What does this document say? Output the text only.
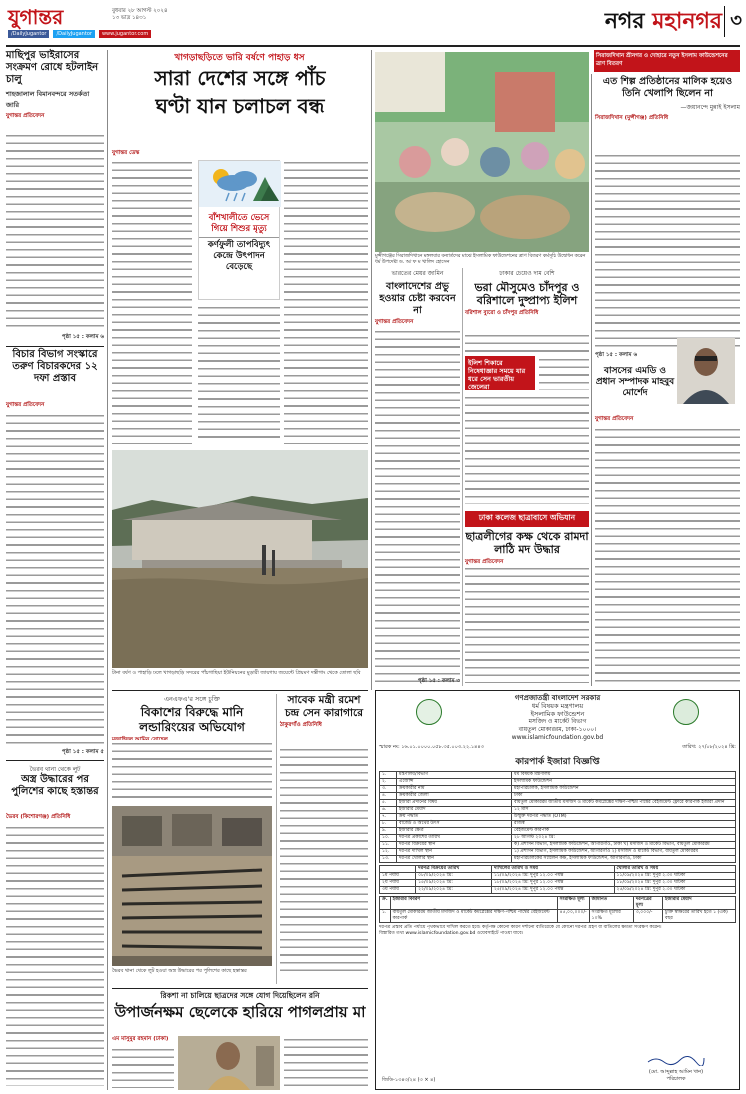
যুগান্তর	বুধবার ২৮ আগস্ট ২০২৪
১৩ ভাদ্র ১৪৩১
/DailyJugantor	/DailyJugantor	www.jugantor.com	নগর মহানগর ৩
মাছিপুর ভাইরাসের সংক্রমণ রোধে হটলাইন চালু
শাহজালাল বিমানবন্দরে সতর্কতা জারি
যুগান্তর প্রতিবেদন
পৃষ্ঠা ১৫ : কলাম ৬
বিচার বিভাগ সংস্কারে তরুণ বিচারকদের ১২ দফা প্রস্তাব
যুগান্তর প্রতিবেদন
পৃষ্ঠা ১৫ : কলাম ৫
ভৈরব থানা থেকে লুট
অস্ত্র উদ্ধারের পর পুলিশের কাছে হস্তান্তর
ভৈরব (কিশোরগঞ্জ) প্রতিনিধি
খাগড়াছড়িতে ভারি বর্ষণে পাহাড় ধস	সিরাজদিখান শ্রীনগর ও দোহারে নতুন ইসলাম ফাউন্ডেশনের ত্রাণ বিতরণ
সারা দেশের সঙ্গে পাঁচ
ঘণ্টা যান চলাচল বন্ধ
যুগান্তর ডেস্ক
বাঁশখালীতে ভেসে গিয়ে শিশুর মৃত্যু
কর্ণফুলী তাপবিদ্যুৎ কেন্দ্রে উৎপাদন বেড়েছে
টানা বর্ষণ ও পাহাড়ি ঢলে খাগড়াছড়ি সদরের পাঁচগাছিয়া ইউনিয়নের মুড়ারী জায়গায় জয়েন্টে প্রিয়মণ দন্তীগাং থেকে তোলা ছবি
মুন্সীগঞ্জের সিরাজদিখানে মঙ্গলবার বন্যার্তদের মাঝে ইসলামিক ফাউন্ডেশনের ত্রাণ বিতরণ কর্মসূচি উদ্বোধন করেন ধর্ম উপদেষ্টা ড. আ ফ ম খালিদ হোসেন
ভারতের মেয়র জামিন
বাংলাদেশের প্রভু হওয়ার চেষ্টা করবেন না
যুগান্তর প্রতিবেদন
পৃষ্ঠা ১৫ : কলাম ৩
ঢাকার চেয়েও দাম বেশি
ভরা মৌসুমেও চাঁদপুর ও বরিশালে দুষ্প্রাপ্য ইলিশ
বরিশাল ব্যুরো ও চাঁদপুর প্রতিনিধি
ইলিশ শিকারে নিষেধাজ্ঞার সময়ে যার ধরে সেন ভারতীয় জেলেরা
ঢাকা কলেজ ছাত্রাবাসে অভিযান
ছাত্রলীগের কক্ষ থেকে রামদা লাঠি মদ উদ্ধার
যুগান্তর প্রতিবেদন
এত শিল্প প্রতিষ্ঠানের মালিক হয়েও তিনি খেলাপি ছিলেন না
—জয়ানন্দে মুন্নাই ইসলাম
সিরাজদিখান (মুন্সীগঞ্জ) প্রতিনিধি
পৃষ্ঠা ১৫ : কলাম ৬
বাসসের এমডি ও প্রধান সম্পাদক মাহবুব মোর্শেদ
যুগান্তর প্রতিবেদন
এনএফএ'র সঙ্গে চুক্তি
বিকাশের বিরুদ্ধে মানি লন্ডারিংয়ের অভিযোগ
ভৈরব থানা থেকে লুট হওয়া অস্ত্র উদ্ধারের পর পুলিশের কাছে হস্তান্তর
সাবেক মন্ত্রী রমেশ চন্দ্র সেন কারাগারে
ঠাকুরগাঁও প্রতিনিধি
রিকশা না চালিয়ে ছাত্রদের সঙ্গে যোগ দিয়েছিলেন রনি
উপার্জনক্ষম ছেলেকে হারিয়ে পাগলপ্রায় মা
এম মাসুমুর রহমান (ঢাকা)
গণপ্রজাতন্ত্রী বাংলাদেশ সরকার
ধর্ম বিষয়ক মন্ত্রণালয়
ইসলামিক ফাউন্ডেশন
মসজিদ ও মার্কেট বিভাগ
বায়তুল মোকাররম, ঢাকা-১০০০।
www.islamicfoundation.gov.bd
স্মারক নং: ১৬.০১.০০০০.০৫৮.৩৫.০০৩.২২.১৪৪৩	তারিখ: ২৭/০৮/২০২৪ খ্রি:
কারপার্ক ইজারা বিজ্ঞপ্তি
১.	মন্ত্রণালয়/বিভাগ	ধর্ম বিষয়ক মন্ত্রণালয়
২.	এজেন্সি	ইসলামিক ফাউন্ডেশন
৩.	ক্রয়কারীর নাম	মহাপরিচালক, ইসলামিক ফাউন্ডেশন
৪.	ক্রয়কারীর জেলা	ঢাকা
৫.	ইজারা প্রদানের বিষয়	বায়তুল মোকাররম জাতীয় মসজিদ ও মার্কেট কমপ্লেক্সের দক্ষিণ-পশ্চিম পার্শ্বের বেইজমেন্ট ফ্লোরে কারপার্ক ইজারা প্রদান
৬.	ইজারার মেয়াদ	১২ মাস
৭.	ক্রয় পদ্ধতি	উন্মুক্ত দরপত্র পদ্ধতি (OTM)
৮.	বাজেট ও অর্থের উৎস	রাজস্ব
৯.	ইজারার ক্ষেত্র	বেইজমেন্ট কারপার্ক
১০.	দরপত্র প্রকাশের তারিখ	২৮ আগস্ট ২০২৪ খ্রি:
১১.	দরপত্র বিক্রয়ের স্থান	ক) প্রশাসন বিভাগ, ইসলামিক ফাউন্ডেশন, আগারগাঁও, ঢাকা খ) মসজিদ ও মার্কেট বিভাগ, বায়তুল মোকাররম
১২.	দরপত্র দাখিল স্থান	১) প্রশাসন বিভাগ, ইসলামিক ফাউন্ডেশন, আগারগাঁও ২) মসজিদ ও মার্কেট বিভাগ, বায়তুল মোকাররম
১৩.	দরপত্র খোলার স্থান	মহাপরিচালকের সম্মেলন কক্ষ, ইসলামিক ফাউন্ডেশন, আগারগাঁও, ঢাকা
	দরপত্র বিক্রয়ের তারিখ	দাখিলের তারিখ ও সময়	খোলার তারিখ ও সময়
১ম পর্যায়	০৮/০৯/২০২৪ খ্রি:	১১/০৯/২০২৪ খ্রি: দুপুর ১২.০০ পর্যন্ত	১১/০৯/২০২৪ খ্রি: দুপুর ২.৩০ ঘটিকা
২য় পর্যায়	১৫/০৯/২০২৪ খ্রি:	১৮/০৯/২০২৪ খ্রি: দুপুর ১২.০০ পর্যন্ত	১৮/০৯/২০২৪ খ্রি: দুপুর ২.৩০ ঘটিকা
৩য় পর্যায়	২২/০৯/২০২৪ খ্রি:	২৫/০৯/২০২৪ খ্রি: দুপুর ১২.০০ পর্যন্ত	২৫/০৯/২০২৪ খ্রি: দুপুর ২.৩০ ঘটিকা
ক্র.	ইজারার বিবরণ	সংরক্ষিত মূল্য	জামানত	দরপত্রের মূল্য	ইজারার মেয়াদ
১.	বায়তুল মোকাররম জাতীয় মসজিদ ও মার্কেট কমপ্লেক্সের দক্ষিণ-পশ্চিম পার্শ্বের বেইজমেন্ট কারপার্ক	৪৫,০০,০০০/-	সংরক্ষিত মূল্যের ১০%	৩,০০০/-	চুক্তি স্বাক্ষরের তারিখ হতে ১ (এক) বছর
দরপত্র প্রস্তাব প্রতি পর্যায়ে পৃথকভাবে দাখিল করতে হবে। কর্তৃপক্ষ কোনো কারণ দর্শানো ব্যতিরেকে যে কোনো দরপত্র গ্রহণ বা বাতিলের ক্ষমতা সংরক্ষণ করেন।
বিস্তারিত তথ্য www.islamicfoundation.gov.bd ওয়েবসাইটে পাওয়া যাবে।
(মো. আব্দুল্লাহ আমিন খান)
পরিচালক
জিডি-১৩৪৩/২৪ (৩ × ৪)
